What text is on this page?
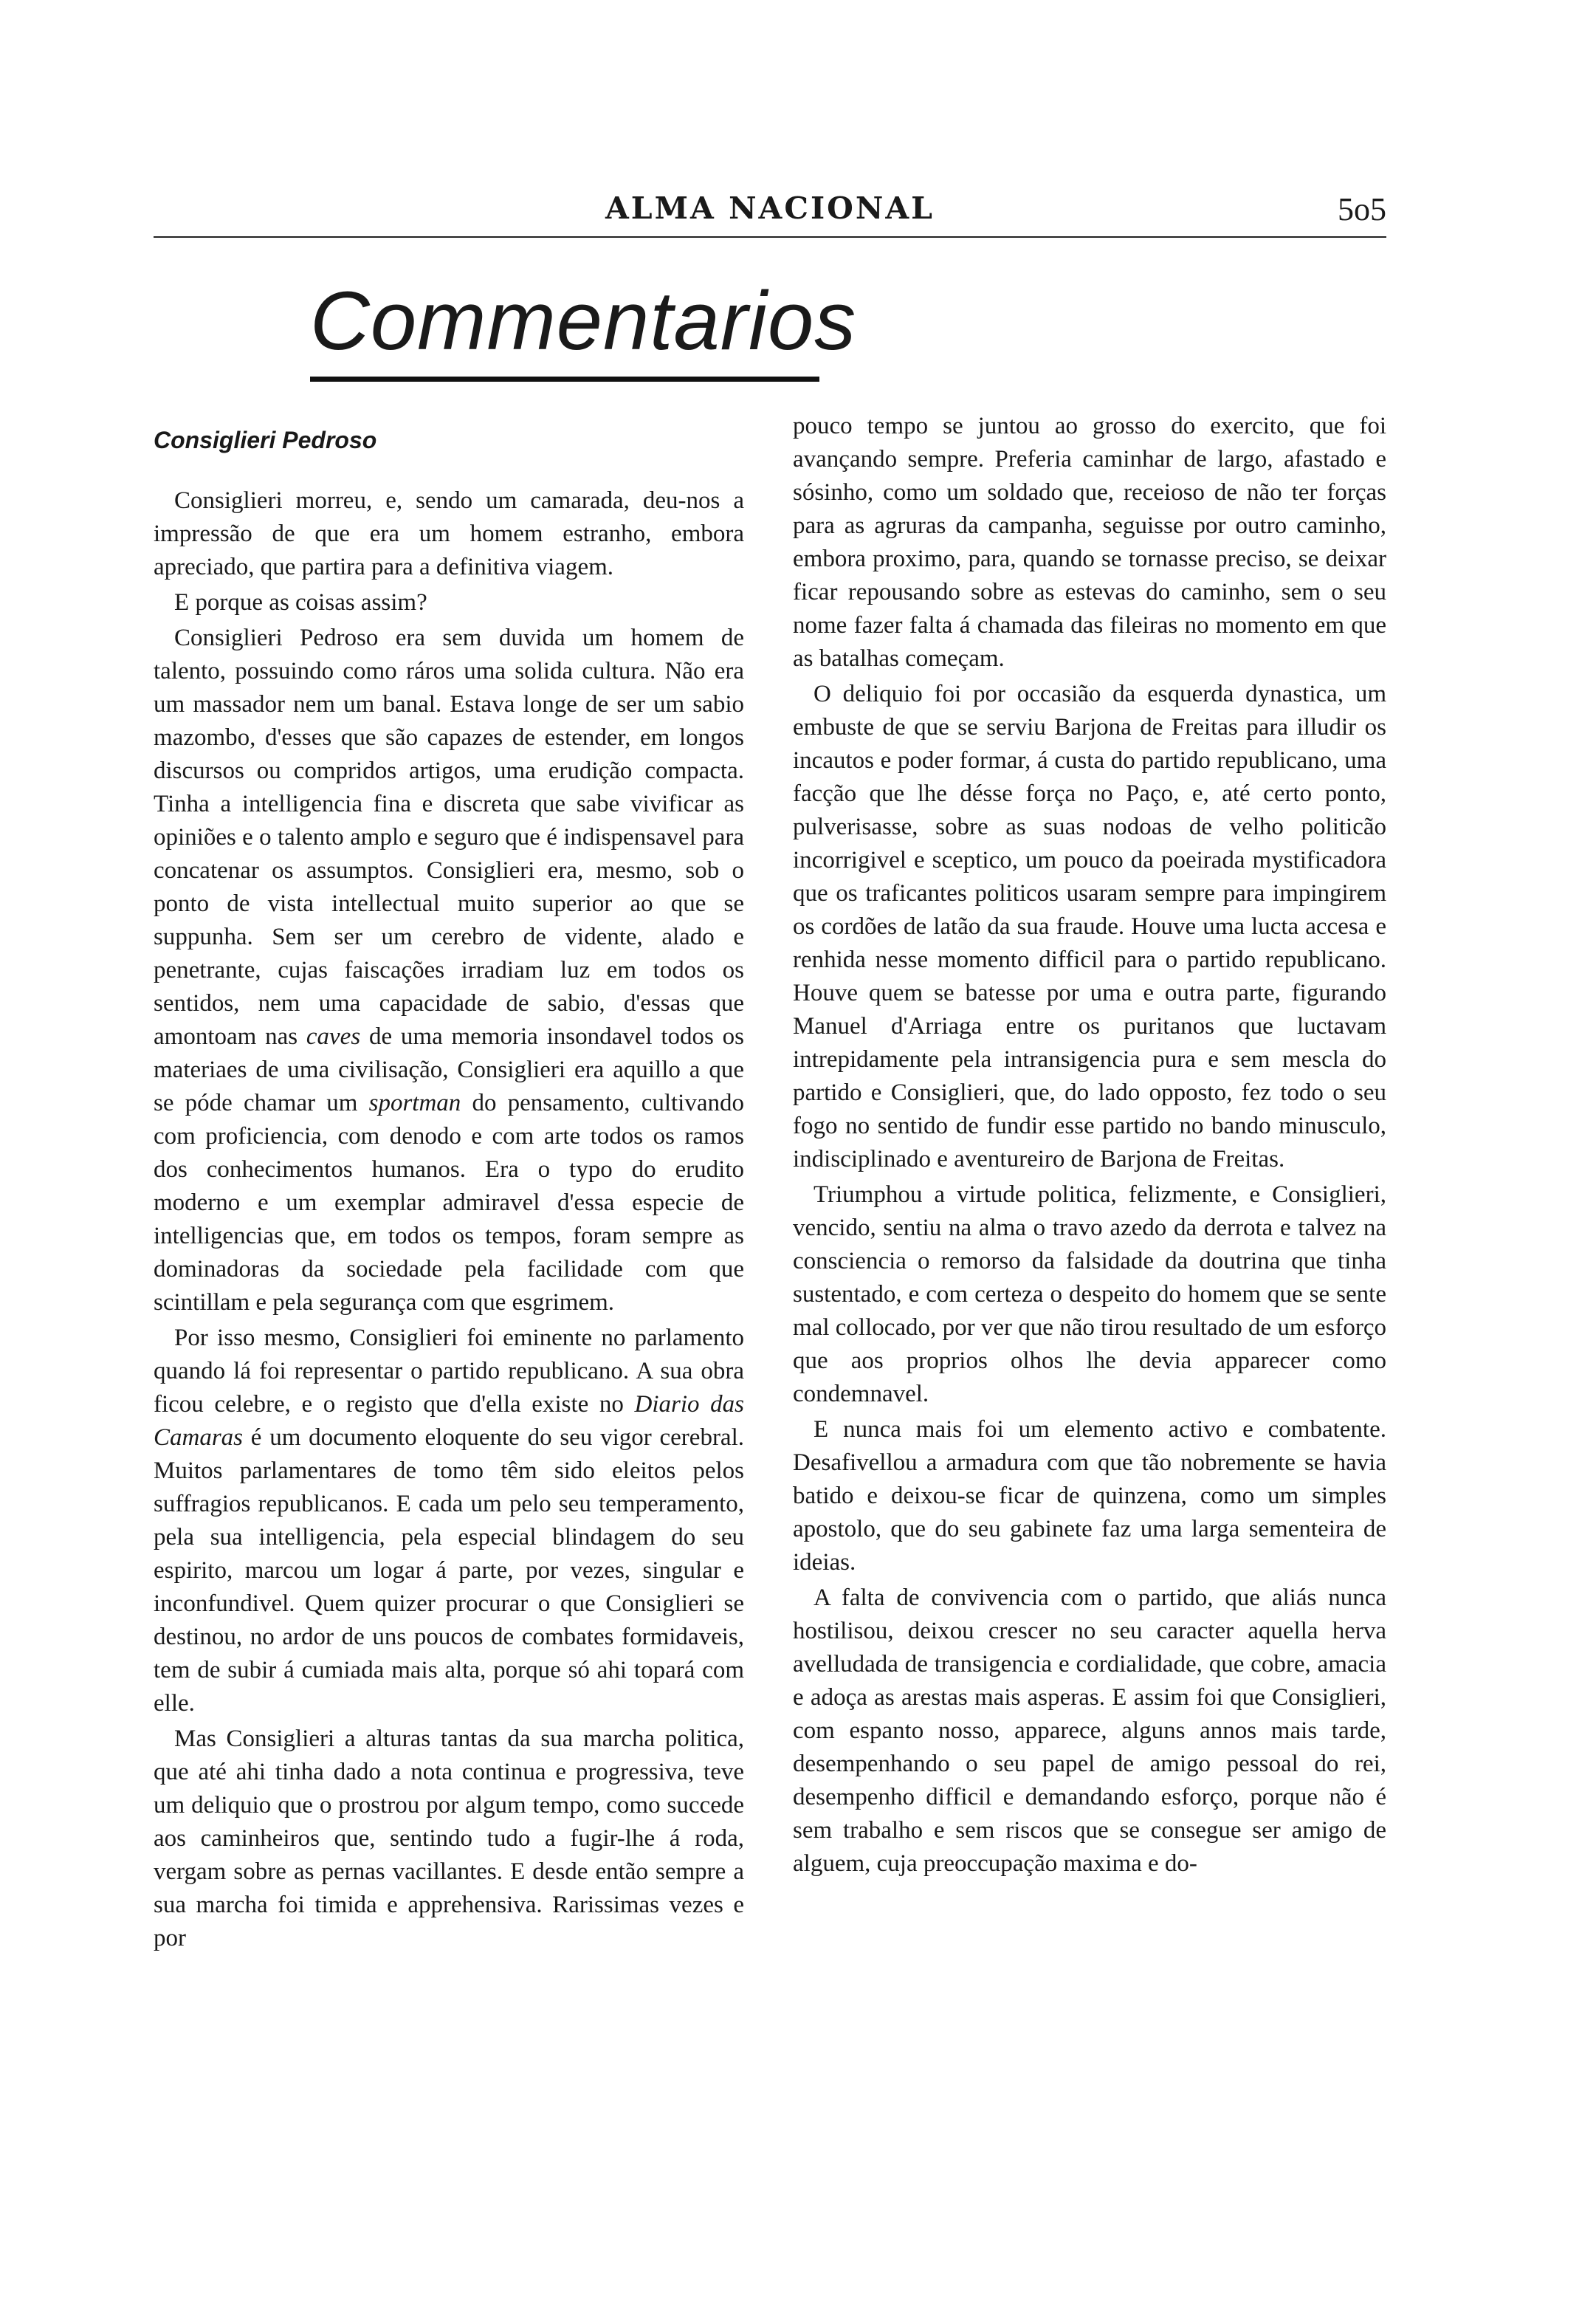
ALMA NACIONAL	5o5
Commentarios
Consiglieri Pedroso

Consiglieri morreu, e, sendo um camarada, deu-nos a impressão de que era um homem estranho, embora apreciado, que partira para a definitiva viagem.

E porque as coisas assim?

Consiglieri Pedroso era sem duvida um homem de talento, possuindo como ráros uma solida cultura. Não era um massador nem um banal. Estava longe de ser um sabio mazombo, d'esses que são capazes de estender, em longos discursos ou compridos artigos, uma erudição compacta. Tinha a intelligencia fina e discreta que sabe vivificar as opiniões e o talento amplo e seguro que é indispensavel para concatenar os assumptos. Consiglieri era, mesmo, sob o ponto de vista intellectual muito superior ao que se suppunha. Sem ser um cerebro de vidente, alado e penetrante, cujas faiscações irradiam luz em todos os sentidos, nem uma capacidade de sabio, d'essas que amontoam nas caves de uma memoria insondavel todos os materiaes de uma civilisação, Consiglieri era aquillo a que se póde chamar um sportman do pensamento, cultivando com proficiencia, com denodo e com arte todos os ramos dos conhecimentos humanos. Era o typo do erudito moderno e um exemplar admiravel d'essa especie de intelligencias que, em todos os tempos, foram sempre as dominadoras da sociedade pela facilidade com que scintillam e pela segurança com que esgrimem.

Por isso mesmo, Consiglieri foi eminente no parlamento quando lá foi representar o partido republicano. A sua obra ficou celebre, e o registo que d'ella existe no Diario das Camaras é um documento eloquente do seu vigor cerebral. Muitos parlamentares de tomo têm sido eleitos pelos suffragios republicanos. E cada um pelo seu temperamento, pela sua intelligencia, pela especial blindagem do seu espirito, marcou um logar á parte, por vezes, singular e inconfundivel. Quem quizer procurar o que Consiglieri se destinou, no ardor de uns poucos de combates formidaveis, tem de subir á cumiada mais alta, porque só ahi topará com elle.

Mas Consiglieri a alturas tantas da sua marcha politica, que até ahi tinha dado a nota continua e progressiva, teve um deliquio que o prostrou por algum tempo, como succede aos caminheiros que, sentindo tudo a fugir-lhe á roda, vergam sobre as pernas vacillantes. E desde então sempre a sua marcha foi timida e apprehensiva. Rarissimas vezes e por

pouco tempo se juntou ao grosso do exercito, que foi avançando sempre. Preferia caminhar de largo, afastado e sósinho, como um soldado que, receioso de não ter forças para as agruras da campanha, seguisse por outro caminho, embora proximo, para, quando se tornasse preciso, se deixar ficar repousando sobre as estevas do caminho, sem o seu nome fazer falta á chamada das fileiras no momento em que as batalhas começam.

O deliquio foi por occasião da esquerda dynastica, um embuste de que se serviu Barjona de Freitas para illudir os incautos e poder formar, á custa do partido republicano, uma facção que lhe désse força no Paço, e, até certo ponto, pulverisasse, sobre as suas nodoas de velho politicão incorrigivel e sceptico, um pouco da poeirada mystificadora que os traficantes politicos usaram sempre para impingirem os cordões de latão da sua fraude. Houve uma lucta accesa e renhida nesse momento difficil para o partido republicano. Houve quem se batesse por uma e outra parte, figurando Manuel d'Arriaga entre os puritanos que luctavam intrepidamente pela intransigencia pura e sem mescla do partido e Consiglieri, que, do lado opposto, fez todo o seu fogo no sentido de fundir esse partido no bando minusculo, indisciplinado e aventureiro de Barjona de Freitas.

Triumphou a virtude politica, felizmente, e Consiglieri, vencido, sentiu na alma o travo azedo da derrota e talvez na consciencia o remorso da falsidade da doutrina que tinha sustentado, e com certeza o despeito do homem que se sente mal collocado, por ver que não tirou resultado de um esforço que aos proprios olhos lhe devia apparecer como condemnavel.

E nunca mais foi um elemento activo e combatente. Desafivellou a armadura com que tão nobremente se havia batido e deixou-se ficar de quinzena, como um simples apostolo, que do seu gabinete faz uma larga sementeira de ideias.

A falta de convivencia com o partido, que aliás nunca hostilisou, deixou crescer no seu caracter aquella herva avelludada de transigencia e cordialidade, que cobre, amacia e adoça as arestas mais asperas. E assim foi que Consiglieri, com espanto nosso, apparece, alguns annos mais tarde, desempenhando o seu papel de amigo pessoal do rei, desempenho difficil e demandando esforço, porque não é sem trabalho e sem riscos que se consegue ser amigo de alguem, cuja preoccupação maxima e do-
